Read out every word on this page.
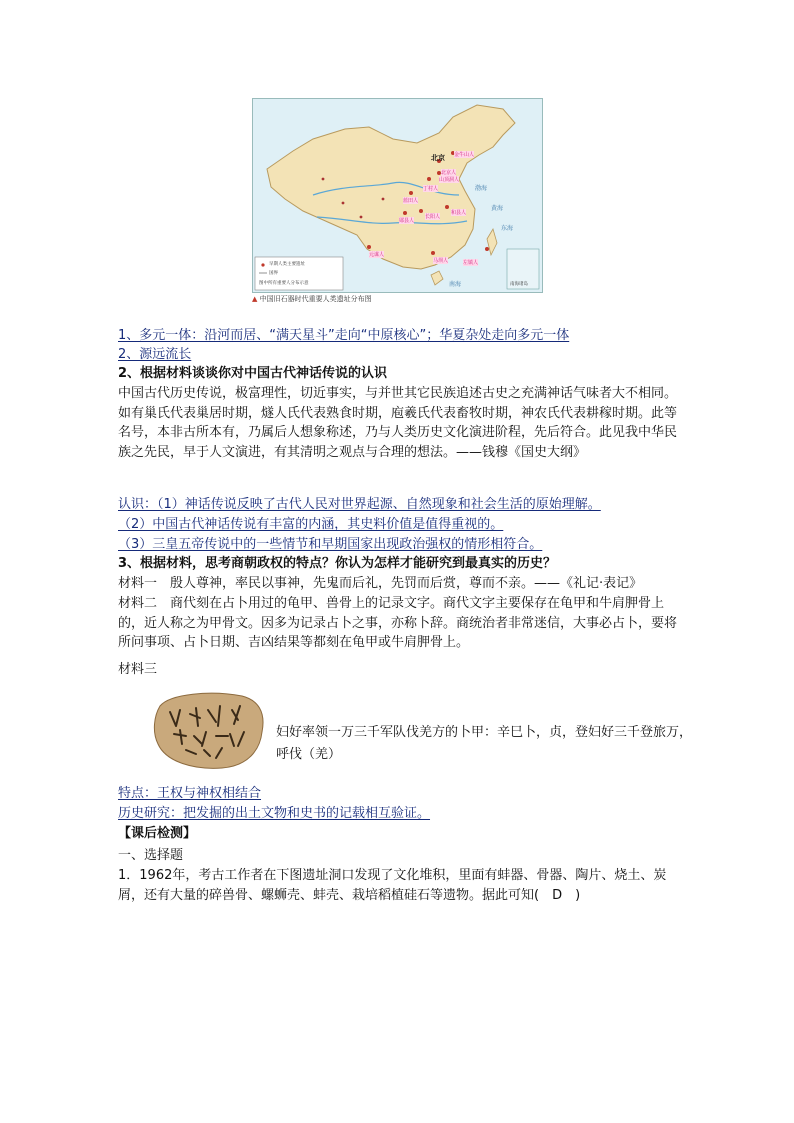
北京 金牛山人
北京人
山顶洞人
丁村人
蓝田人
长阳人
郧县人
和县人
元谋人
马坝人	左镇人
渤海
黄海
东海
南海
早期人类主要遗址
国界
图中所有重要人分布示意	南海诸岛
▲ 中国旧石器时代重要人类遗址分布图
1、多元一体：沿河而居、“满天星斗”走向“中原核心”；华夏杂处走向多元一体
2、源远流长
2、根据材料谈谈你对中国古代神话传说的认识
中国古代历史传说，极富理性，切近事实，与并世其它民族追述古史之充满神话气味者大不相同。如有巢氏代表巢居时期，燧人氏代表熟食时期，庖羲氏代表畜牧时期，神农氏代表耕稼时期。此等名号，本非古所本有，乃属后人想象称述，乃与人类历史文化演进阶程，先后符合。此见我中华民族之先民，早于人文演进，有其清明之观点与合理的想法。——钱穆《国史大纲》
认识：（1）神话传说反映了古代人民对世界起源、自然现象和社会生活的原始理解。
（2）中国古代神话传说有丰富的内涵，其史料价值是值得重视的。
（3）三皇五帝传说中的一些情节和早期国家出现政治强权的情形相符合。
3、根据材料，思考商朝政权的特点？你认为怎样才能研究到最真实的历史？
材料一　殷人尊神，率民以事神，先鬼而后礼，先罚而后赏，尊而不亲。——《礼记·表记》
材料二　商代刻在占卜用过的龟甲、兽骨上的记录文字。商代文字主要保存在龟甲和牛肩胛骨上的，近人称之为甲骨文。因多为记录占卜之事，亦称卜辞。商统治者非常迷信，大事必占卜，要将所问事项、占卜日期、吉凶结果等都刻在龟甲或牛肩胛骨上。
材料三
妇好率领一万三千军队伐羌方的卜甲：辛巳卜，贞，登妇好三千登旅万，呼伐（羌）
特点：王权与神权相结合
历史研究：把发掘的出土文物和史书的记载相互验证。
【课后检测】
一、选择题
1．1962年，考古工作者在下图遗址洞口发现了文化堆积，里面有蚌器、骨器、陶片、烧土、炭屑，还有大量的碎兽骨、螺蛳壳、蚌壳、栽培稻植硅石等遗物。据此可知(　D　)
